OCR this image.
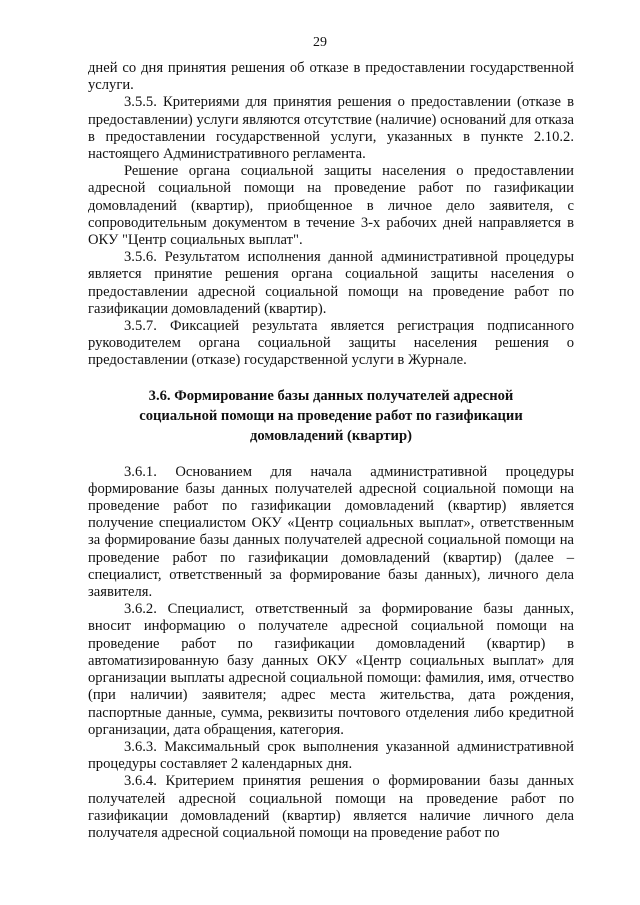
29

дней со дня принятия решения об отказе в предоставлении государственной услуги.

3.5.5. Критериями для принятия решения о предоставлении (отказе в предоставлении) услуги являются отсутствие (наличие) оснований для отказа в предоставлении государственной услуги, указанных в пункте 2.10.2. настоящего Административного регламента.

Решение органа социальной защиты населения о предоставлении адресной социальной помощи на проведение работ по газификации домовладений (квартир), приобщенное в личное дело заявителя, с сопроводительным документом в течение 3-х рабочих дней направляется в ОКУ "Центр социальных выплат".

3.5.6. Результатом исполнения данной административной процедуры является принятие решения органа социальной защиты населения о предоставлении адресной социальной помощи на проведение работ по газификации домовладений (квартир).

3.5.7. Фиксацией результата является регистрация подписанного руководителем органа социальной защиты населения решения о предоставлении (отказе) государственной услуги в Журнале.

3.6. Формирование базы данных получателей адресной
социальной помощи на проведение работ по газификации
домовладений (квартир)

3.6.1. Основанием для начала административной процедуры формирование базы данных получателей адресной социальной помощи на проведение работ по газификации домовладений (квартир) является получение специалистом ОКУ «Центр социальных выплат», ответственным за формирование базы данных получателей адресной социальной помощи на проведение работ по газификации домовладений (квартир) (далее – специалист, ответственный за формирование базы данных), личного дела заявителя.

3.6.2. Специалист, ответственный за формирование базы данных, вносит информацию о получателе адресной социальной помощи на проведение работ по газификации домовладений (квартир) в автоматизированную базу данных ОКУ «Центр социальных выплат» для организации выплаты адресной социальной помощи: фамилия, имя, отчество (при наличии) заявителя; адрес места жительства, дата рождения, паспортные данные, сумма, реквизиты почтового отделения либо кредитной организации, дата обращения, категория.

3.6.3. Максимальный срок выполнения указанной административной процедуры составляет 2 календарных дня.

3.6.4. Критерием принятия решения о формировании базы данных получателей адресной социальной помощи на проведение работ по газификации домовладений (квартир) является наличие личного дела получателя адресной социальной помощи на проведение работ по
